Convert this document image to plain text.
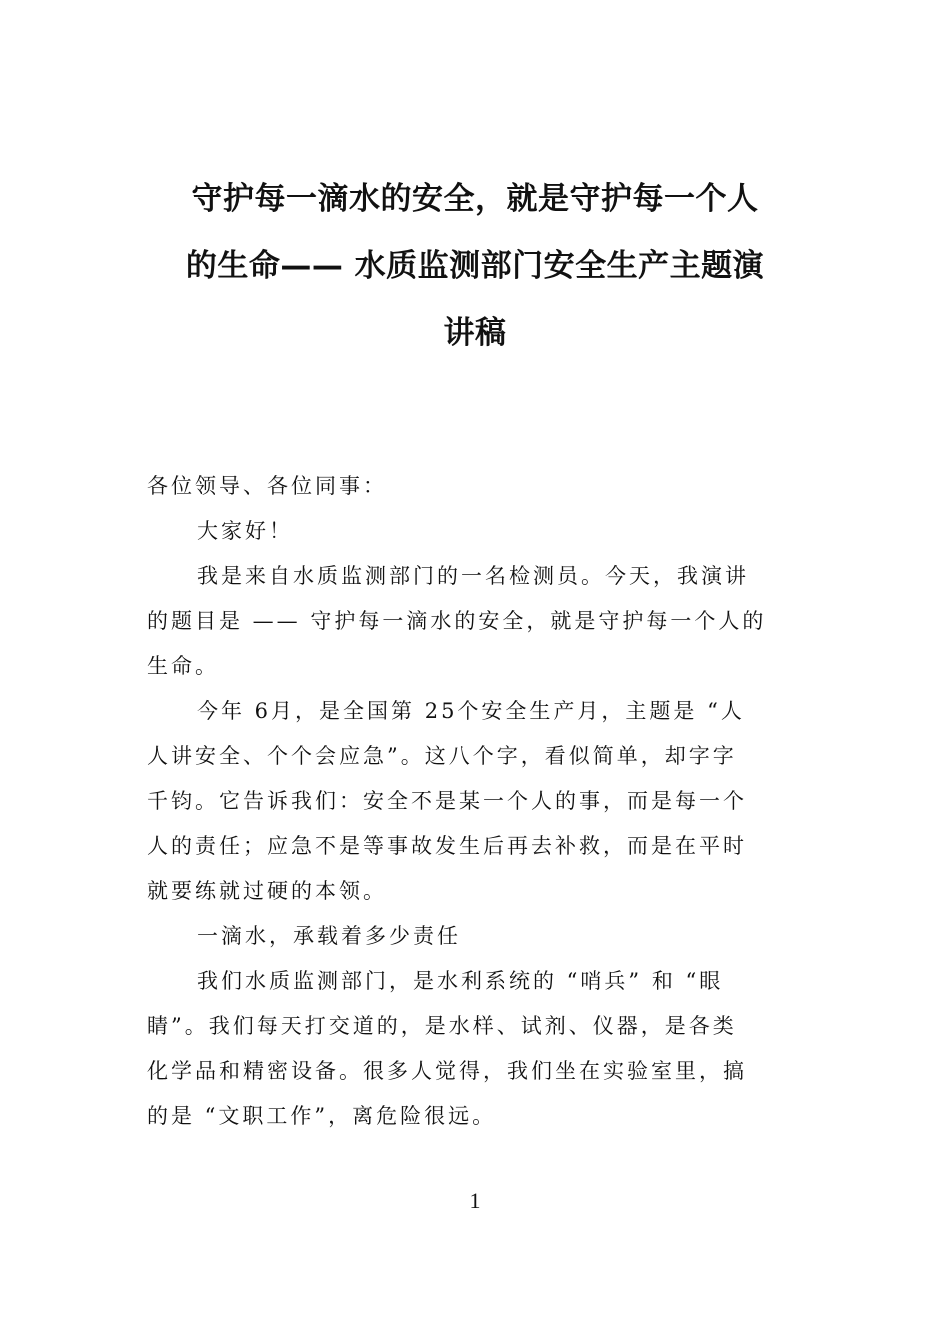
守护每一滴水的安全，就是守护每一个人
的生命—— 水质监测部门安全生产主题演
讲稿

各位领导、各位同事：

大家好！

我是来自水质监测部门的一名检测员。今天，我演讲
的题目是 —— 守护每一滴水的安全，就是守护每一个人的
生命。

今年 6月，是全国第 25个安全生产月，主题是 “人
人讲安全、个个会应急”。这八个字，看似简单，却字字
千钧。它告诉我们：安全不是某一个人的事，而是每一个
人的责任；应急不是等事故发生后再去补救，而是在平时
就要练就过硬的本领。

一滴水，承载着多少责任

我们水质监测部门，是水利系统的 “哨兵” 和 “眼
睛”。我们每天打交道的，是水样、试剂、仪器，是各类
化学品和精密设备。很多人觉得，我们坐在实验室里，搞
的是 “文职工作”，离危险很远。

1
